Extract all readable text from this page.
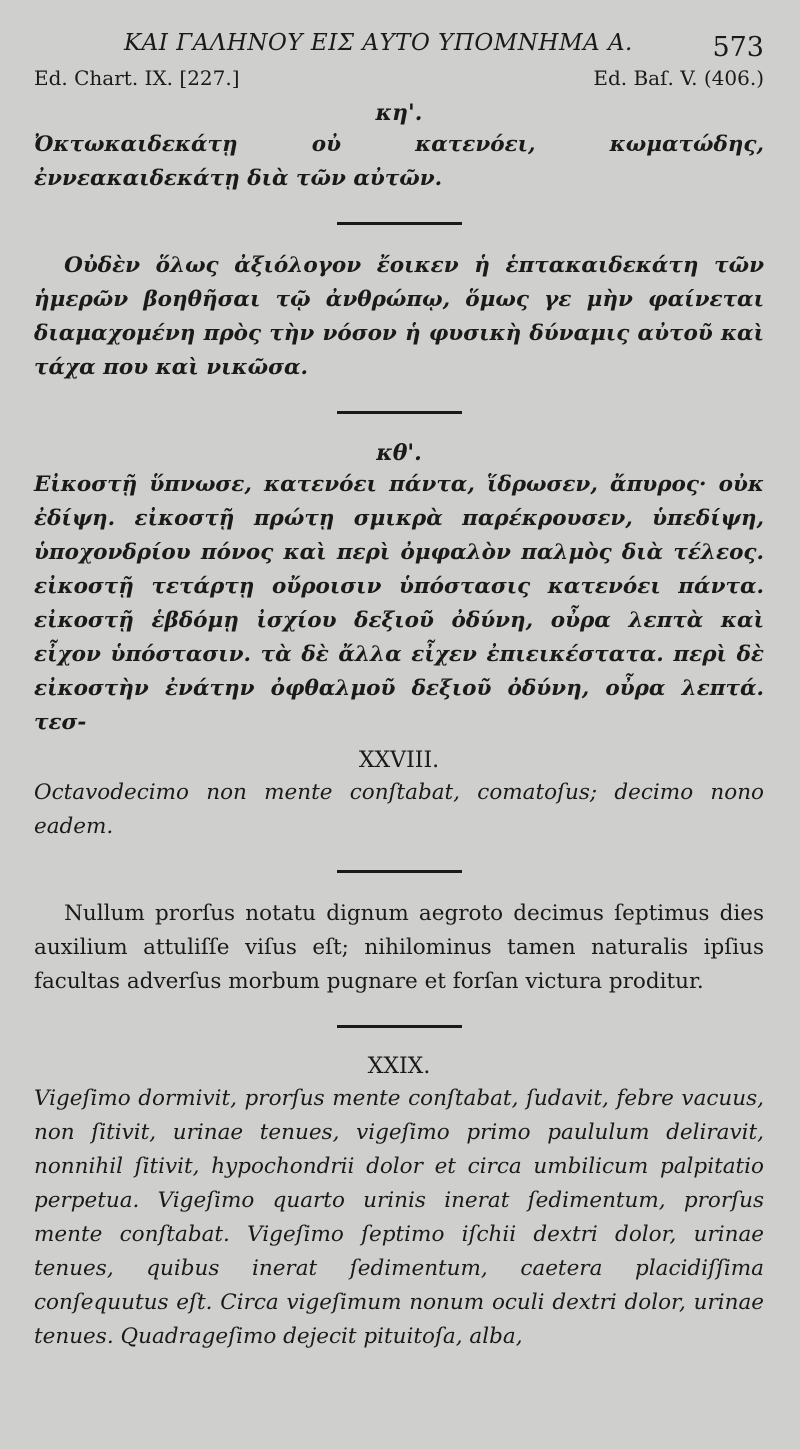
ΚΑΙ ΓΑΛΗΝΟΥ ΕΙΣ ΑΥΤΟ ΥΠΟΜΝΗΜΑ Α.	573
Ed. Chart. IX. [227.]	Ed. Baſ. V. (406.)

κη'.

Ὀκτωκαιδεκάτῃ οὐ κατενόει, κωματώδης, ἐννεακαιδεκάτῃ διὰ τῶν αὐτῶν.

Οὐδὲν ὅλως ἀξιόλογον ἔοικεν ἡ ἑπτακαιδεκάτη τῶν ἡμερῶν βοηθῆσαι τῷ ἀνθρώπῳ, ὅμως γε μὴν φαίνεται διαμαχομένη πρὸς τὴν νόσον ἡ φυσικὴ δύναμις αὐτοῦ καὶ τάχα που καὶ νικῶσα.

κθ'.

Εἰκοστῇ ὕπνωσε, κατενόει πάντα, ἵδρωσεν, ἄπυρος· οὐκ ἐδίψη. εἰκοστῇ πρώτῃ σμικρὰ παρέκρουσεν, ὑπεδίψη, ὑποχονδρίου πόνος καὶ περὶ ὀμφαλὸν παλμὸς διὰ τέλεος. εἰκοστῇ τετάρτῃ οὔροισιν ὑπόστασις κατενόει πάντα. εἰκοστῇ ἑβδόμῃ ἰσχίου δεξιοῦ ὀδύνη, οὖρα λεπτὰ καὶ εἶχον ὑπόστασιν. τὰ δὲ ἄλλα εἶχεν ἐπιεικέστατα. περὶ δὲ εἰκοστὴν ἐνάτην ὀφθαλμοῦ δεξιοῦ ὀδύνη, οὖρα λεπτά. τεσ-

XXVIII.

Octavodecimo non mente conſtabat, comatoſus; decimo nono eadem.

Nullum prorſus notatu dignum aegroto decimus ſeptimus dies auxilium attuliſſe viſus eſt; nihilominus tamen naturalis ipſius facultas adverſus morbum pugnare et forſan victura proditur.

XXIX.

Vigeſimo dormivit, prorſus mente conſtabat, ſudavit, febre vacuus, non ſitivit, urinae tenues, vigeſimo primo paululum deliravit, nonnihil ſitivit, hypochondrii dolor et circa umbilicum palpitatio perpetua. Vigeſimo quarto urinis inerat ſedimentum, prorſus mente conſtabat. Vigeſimo ſeptimo iſchii dextri dolor, urinae tenues, quibus inerat ſedimentum, caetera placidiſſima conſequutus eſt. Circa vigeſimum nonum oculi dextri dolor, urinae tenues. Quadrageſimo dejecit pituitoſa, alba,
